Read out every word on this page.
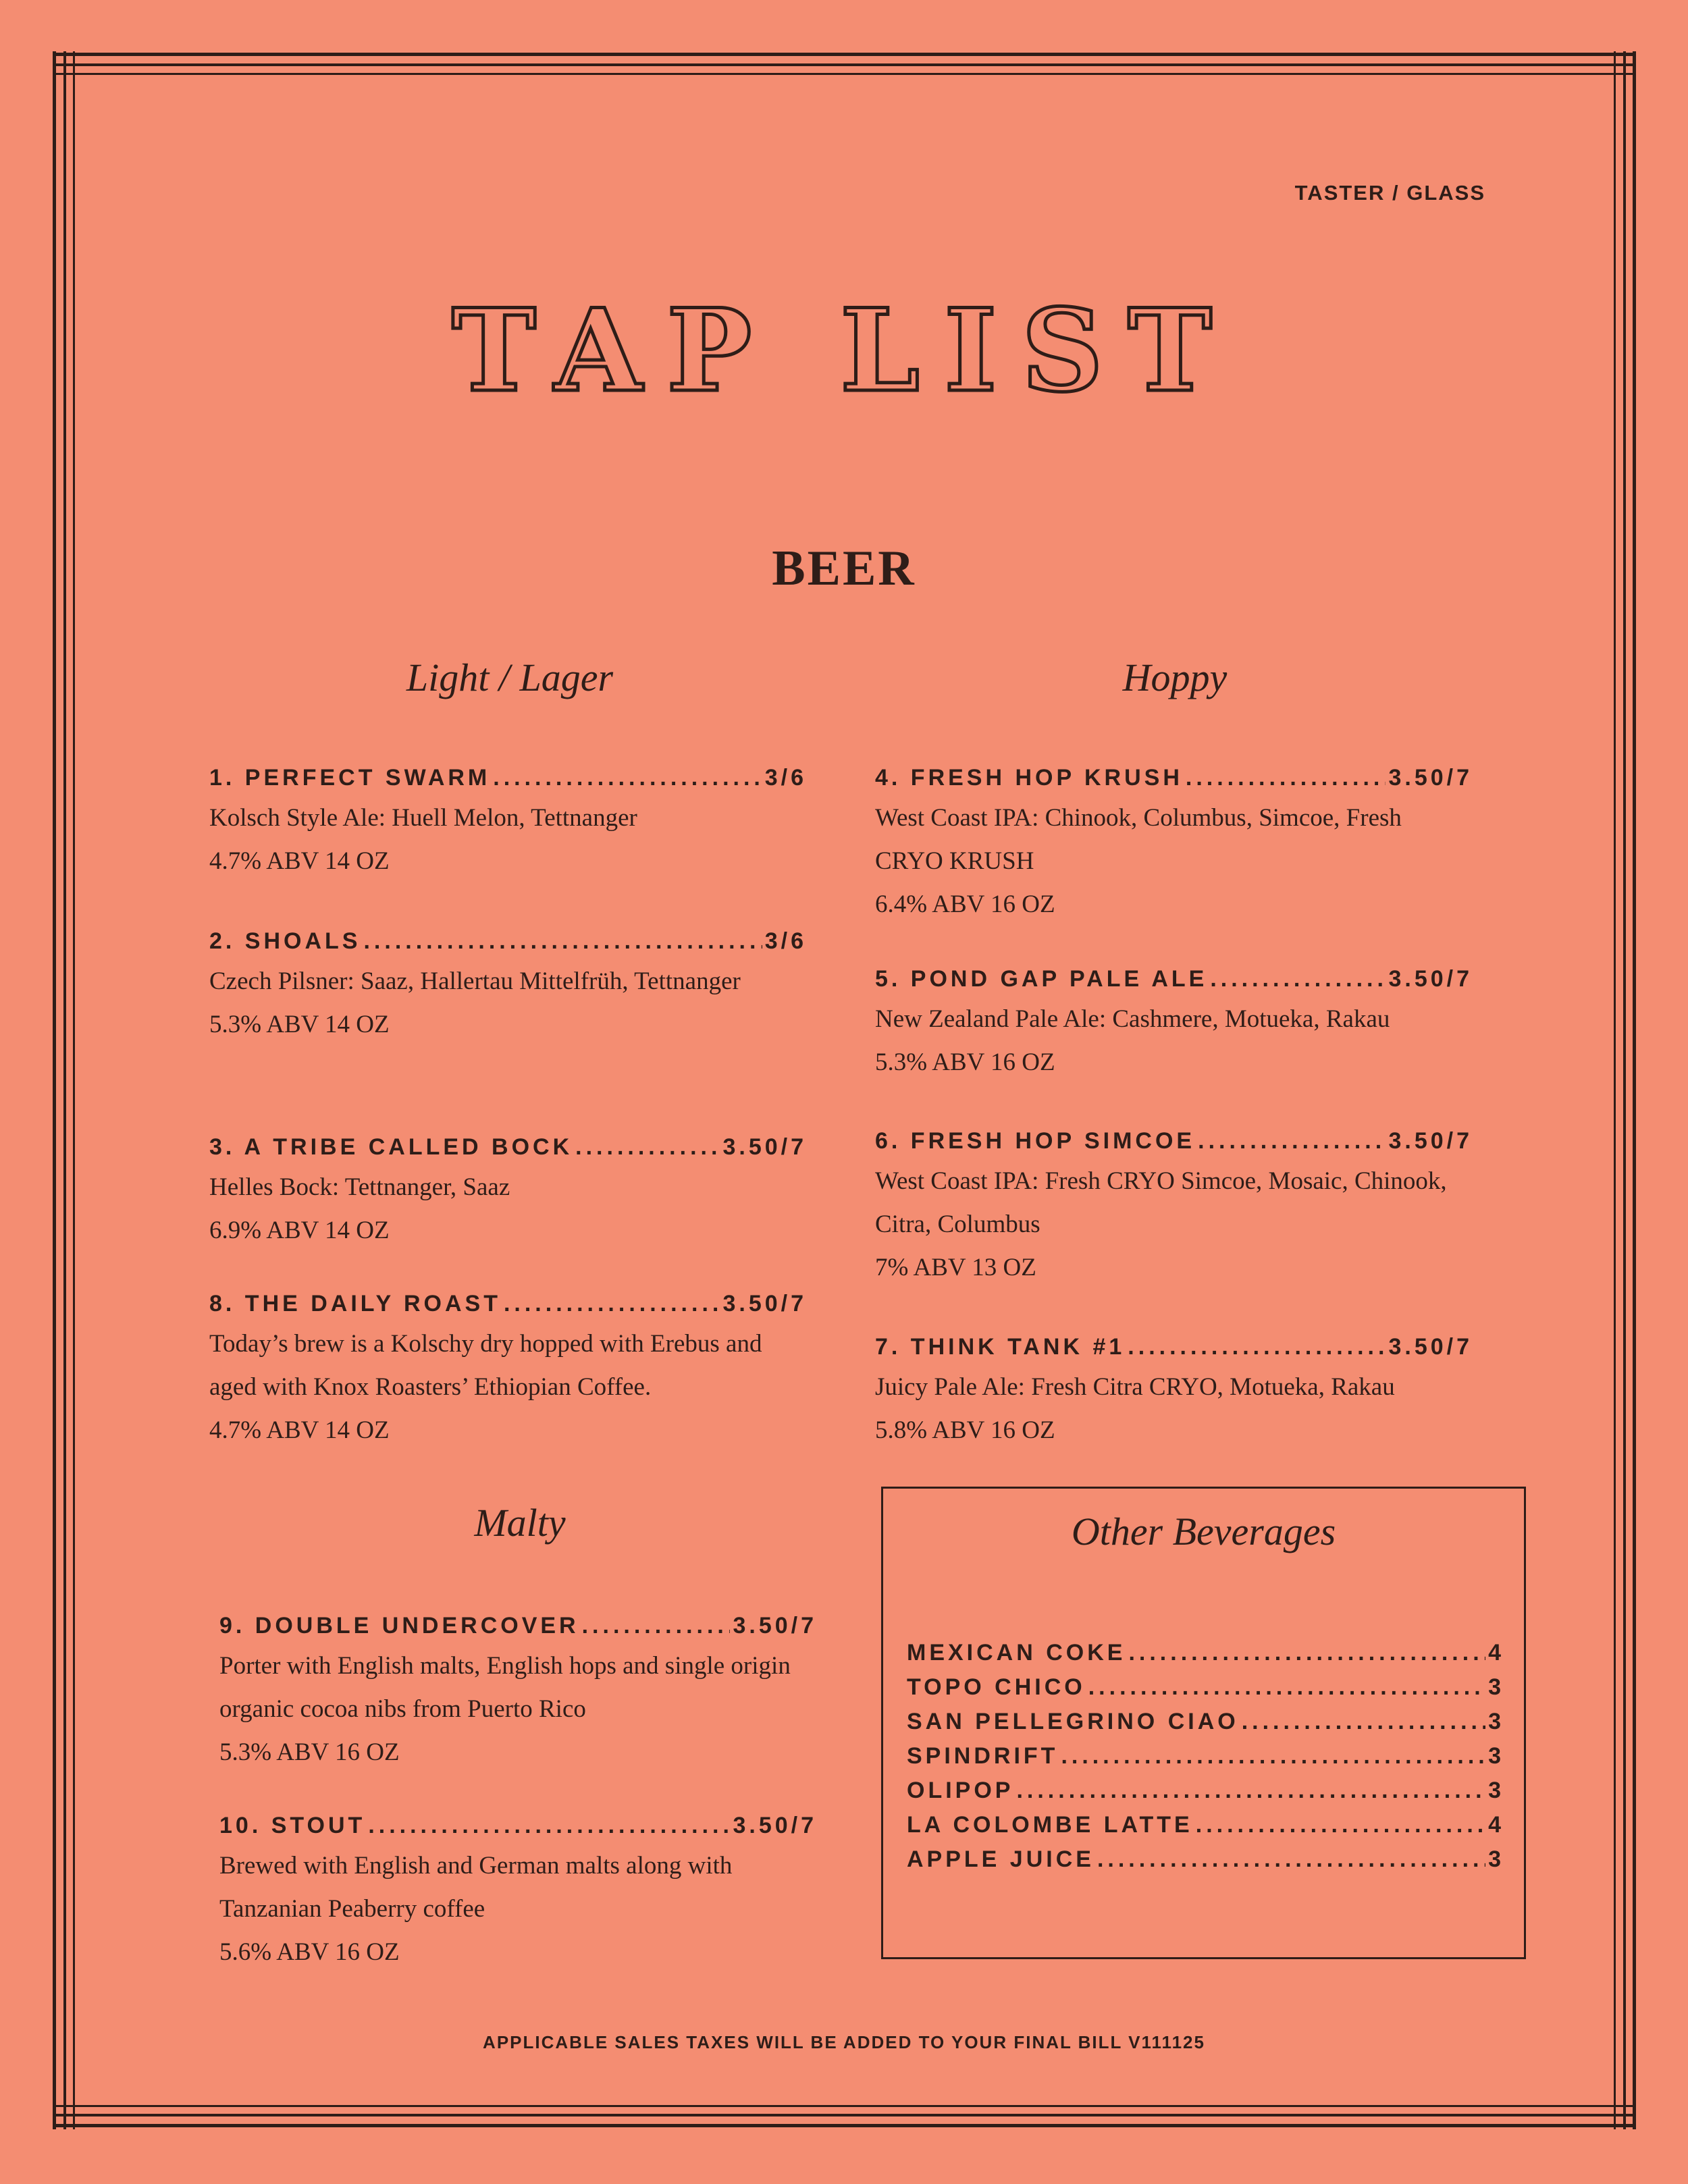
TASTER / GLASS
TAP LIST
BEER
Light / Lager	Hoppy
Malty
1. PERFECT SWARM .....	3/6
Kolsch Style Ale: Huell Melon, Tettnanger
4.7% ABV 14 OZ
2. SHOALS .....	3/6
Czech Pilsner: Saaz, Hallertau Mittelfrüh, Tettnanger
5.3% ABV 14 OZ
3. A TRIBE CALLED BOCK .....	3.50/7
Helles Bock: Tettnanger, Saaz
6.9% ABV 14 OZ
8. THE DAILY ROAST .....	3.50/7
Today’s brew is a Kolschy dry hopped with Erebus and aged with Knox Roasters’ Ethiopian Coffee.
4.7% ABV 14 OZ
4. FRESH HOP KRUSH .....	3.50/7
West Coast IPA: Chinook, Columbus, Simcoe, Fresh CRYO KRUSH
6.4% ABV 16 OZ
5. POND GAP PALE ALE .....	3.50/7
New Zealand Pale Ale: Cashmere, Motueka, Rakau
5.3% ABV 16 OZ
6. FRESH HOP SIMCOE .....	3.50/7
West Coast IPA: Fresh CRYO Simcoe, Mosaic, Chinook, Citra, Columbus
7% ABV 13 OZ
7. THINK TANK #1 .....	3.50/7
Juicy Pale Ale: Fresh Citra CRYO, Motueka, Rakau
5.8% ABV 16 OZ
9. DOUBLE UNDERCOVER .....	3.50/7
Porter with English malts, English hops and single origin organic cocoa nibs from Puerto Rico
5.3% ABV 16 OZ
10. STOUT .....	3.50/7
Brewed with English and German malts along with Tanzanian Peaberry coffee
5.6% ABV 16 OZ
Other Beverages
MEXICAN COKE .....	4
TOPO CHICO .....	3
SAN PELLEGRINO CIAO .....	3
SPINDRIFT .....	3
OLIPOP .....	3
LA COLOMBE LATTE .....	4
APPLE JUICE .....	3
APPLICABLE SALES TAXES WILL BE ADDED TO YOUR FINAL BILL V111125
